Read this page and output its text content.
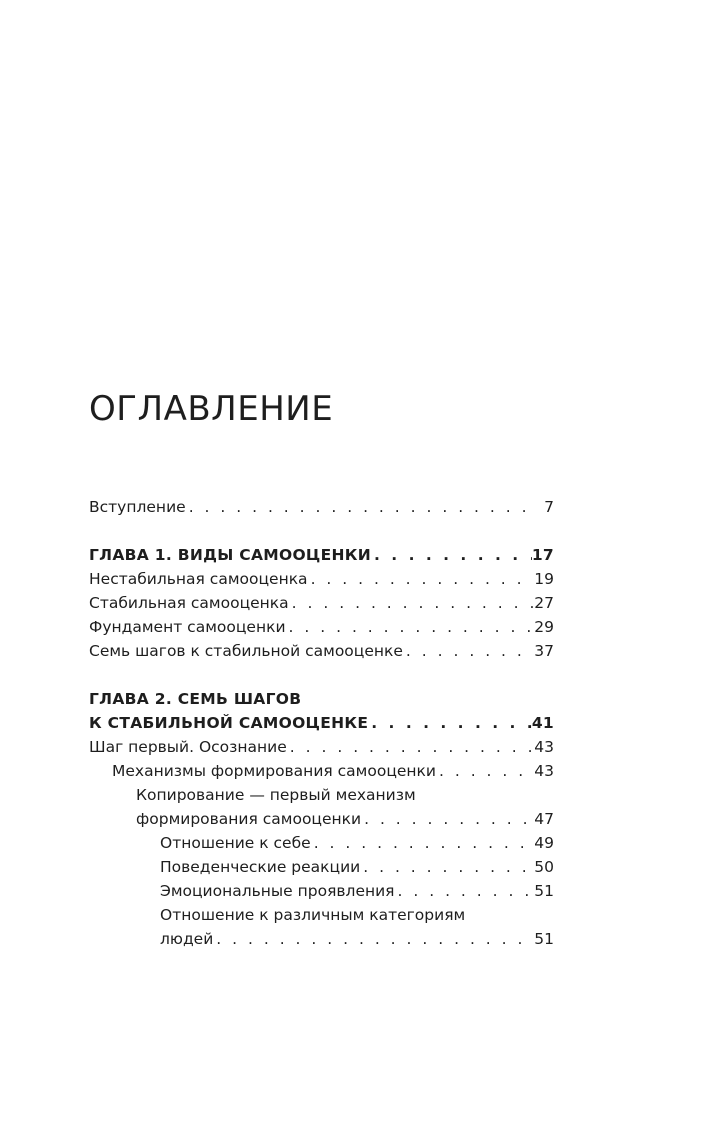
ОГЛАВЛЕНИЕ
Вступление . . .	7
ГЛАВА 1. ВИДЫ САМООЦЕНКИ . . .	17
Нестабильная самооценка . . .	19
Стабильная самооценка . . .	27
Фундамент самооценки . . .	29
Семь шагов к стабильной самооценке . . .	37
ГЛАВА 2. СЕМЬ ШАГОВ
К СТАБИЛЬНОЙ САМООЦЕНКЕ . . .	41
Шаг первый. Осознание . . .	43
Механизмы формирования самооценки . . .	43
Копирование — первый механизм
формирования самооценки . . .	47
Отношение к себе . . .	49
Поведенческие реакции . . .	50
Эмоциональные проявления . . .	51
Отношение к различным категориям
людей . . .	51
